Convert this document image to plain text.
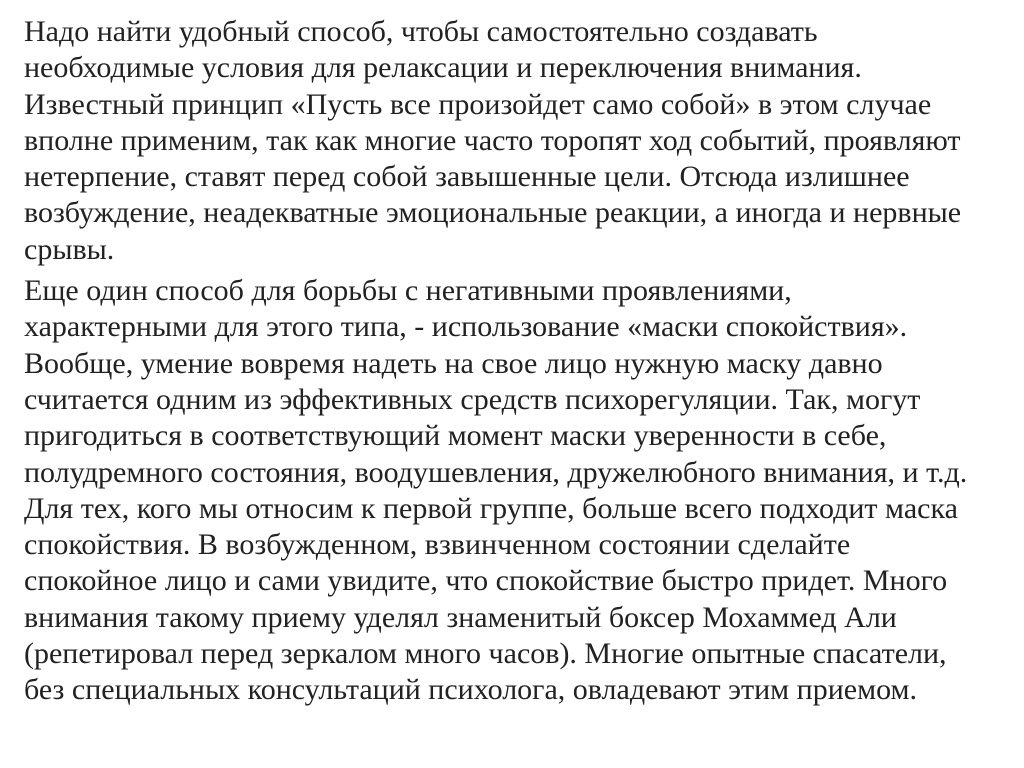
Надо найти удобный способ, чтобы самостоятельно создавать
необходимые условия для релаксации и переключения внимания.
Известный принцип «Пусть все произойдет само собой» в этом случае
вполне применим, так как многие часто торопят ход событий, проявляют
нетерпение, ставят перед собой завышенные цели. Отсюда излишнее
возбуждение, неадекватные эмоциональные реакции, а иногда и нервные
срывы.
Еще один способ для борьбы с негативными проявлениями,
характерными для этого типа, - использование «маски спокойствия».
Вообще, умение вовремя надеть на свое лицо нужную маску давно
считается одним из эффективных средств психорегуляции. Так, могут
пригодиться в соответствующий момент маски уверенности в себе,
полудремного состояния, воодушевления, дружелюбного внимания, и т.д.
Для тех, кого мы относим к первой группе, больше всего подходит маска
спокойствия. В возбужденном, взвинченном состоянии сделайте
спокойное лицо и сами увидите, что спокойствие быстро придет. Много
внимания такому приему уделял знаменитый боксер Мохаммед Али
(репетировал перед зеркалом много часов). Многие опытные спасатели,
без специальных консультаций психолога, овладевают этим приемом.
